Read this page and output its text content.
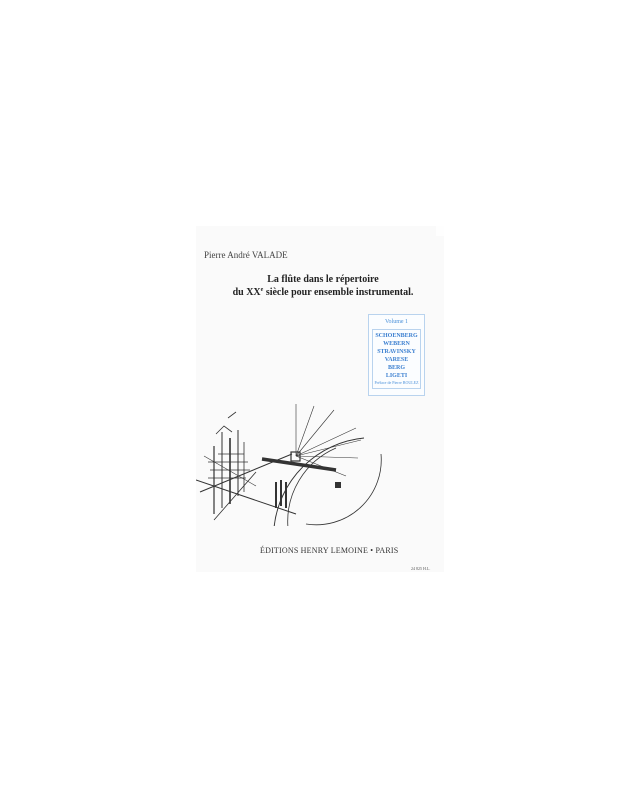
Pierre André VALADE
La flûte dans le répertoire
du XXe siècle pour ensemble instrumental.
Volume 1
SCHOENBERG
WEBERN
STRAVINSKY
VARESE
BERG
LIGETI
Préface de Pierre BOULEZ
ÉDITIONS HENRY LEMOINE • PARIS
24 825 H.L.
